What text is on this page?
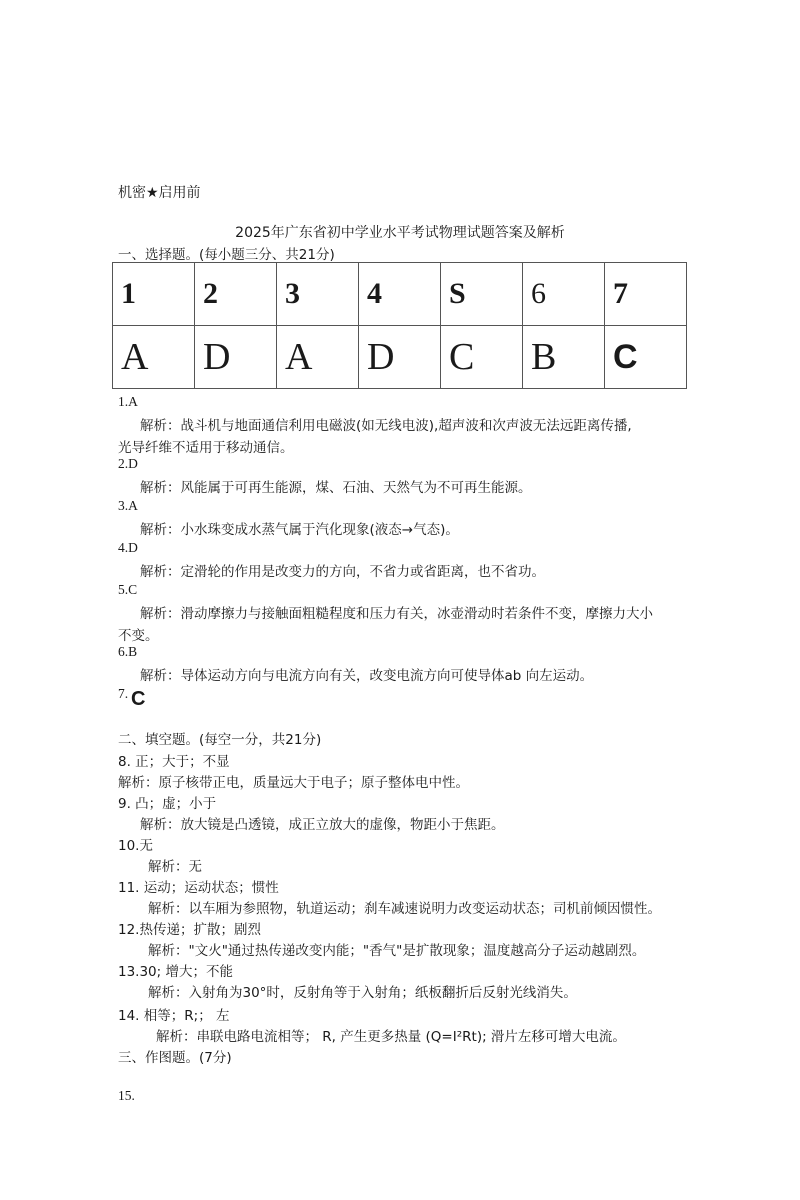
机密★启用前
2025年广东省初中学业水平考试物理试题答案及解析
一、选择题。(每小题三分、共21分)
1	2	3	4	S	6	7
A	D	A	D	C	B	C
1.A
解析：战斗机与地面通信利用电磁波(如无线电波),超声波和次声波无法远距离传播,
光导纤维不适用于移动通信。
2.D
解析：风能属于可再生能源，煤、石油、天然气为不可再生能源。
3.A
解析：小水珠变成水蒸气属于汽化现象(液态→气态)。
4.D
解析：定滑轮的作用是改变力的方向，不省力或省距离，也不省功。
5.C
解析：滑动摩擦力与接触面粗糙程度和压力有关，冰壶滑动时若条件不变，摩擦力大小
不变。
6.B
解析：导体运动方向与电流方向有关，改变电流方向可使导体ab 向左运动。
7. C
二、填空题。(每空一分，共21分)
8. 正；大于；不显
解析：原子核带正电，质量远大于电子；原子整体电中性。
9. 凸；虚；小于
解析：放大镜是凸透镜，成正立放大的虚像，物距小于焦距。
10.无
解析：无
11. 运动；运动状态；惯性
解析：以车厢为参照物，轨道运动；刹车减速说明力改变运动状态；司机前倾因惯性。
12.热传递；扩散；剧烈
解析："文火"通过热传递改变内能；"香气"是扩散现象；温度越高分子运动越剧烈。
13.30; 增大；不能
解析：入射角为30°时，反射角等于入射角；纸板翻折后反射光线消失。
14. 相等；R;； 左
解析：串联电路电流相等； R, 产生更多热量 (Q=I²Rt); 滑片左移可增大电流。
三、作图题。(7分)
15.
